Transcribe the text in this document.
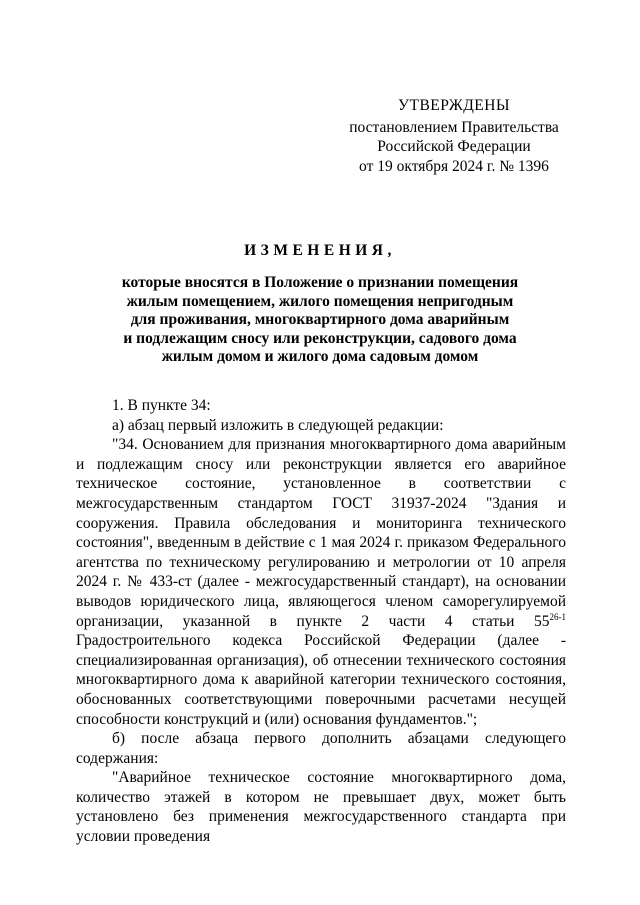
УТВЕРЖДЕНЫ
постановлением Правительства
Российской Федерации
от 19 октября 2024 г. № 1396
ИЗМЕНЕНИЯ,
которые вносятся в Положение о признании помещения
жилым помещением, жилого помещения непригодным
для проживания, многоквартирного дома аварийным
и подлежащим сносу или реконструкции, садового дома
жилым домом и жилого дома садовым домом

1. В пункте 34:

а) абзац первый изложить в следующей редакции:

"34. Основанием для признания многоквартирного дома аварийным и подлежащим сносу или реконструкции является его аварийное техническое состояние, установленное в соответствии с межгосударственным стандартом ГОСТ 31937-2024 "Здания и сооружения. Правила обследования и мониторинга технического состояния", введенным в действие с 1 мая 2024 г. приказом Федерального агентства по техническому регулированию и метрологии от 10 апреля 2024 г. № 433-ст (далее - межгосударственный стандарт), на основании выводов юридического лица, являющегося членом саморегулируемой организации, указанной в пункте 2 части 4 статьи 55$^{26-1}$ Градостроительного кодекса Российской Федерации (далее - специализированная организация), об отнесении технического состояния многоквартирного дома к аварийной категории технического состояния, обоснованных соответствующими поверочными расчетами несущей способности конструкций и (или) основания фундаментов.";

б) после абзаца первого дополнить абзацами следующего содержания:

"Аварийное техническое состояние многоквартирного дома, количество этажей в котором не превышает двух, может быть установлено без применения межгосударственного стандарта при условии проведения
